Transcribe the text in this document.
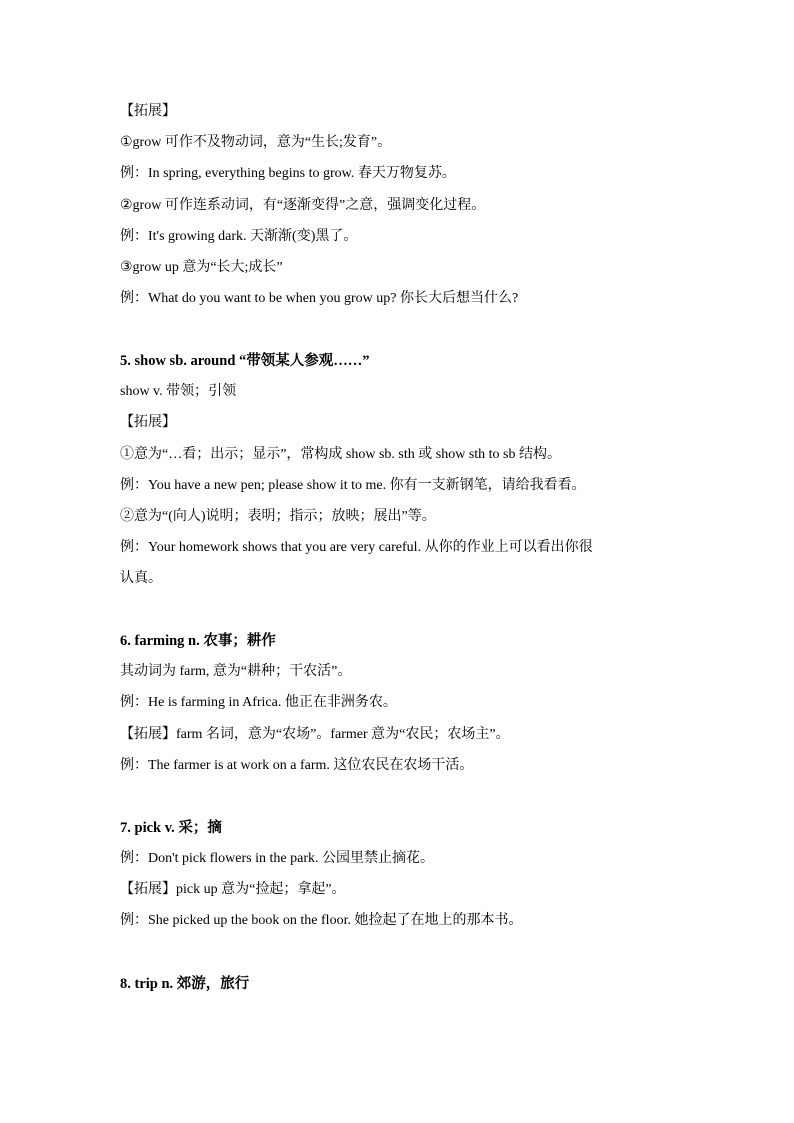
【拓展】
①grow 可作不及物动词，意为“生长;发育”。
例：In spring, everything begins to grow. 春天万物复苏。
②grow 可作连系动词，有“逐渐变得”之意，强调变化过程。
例：It's growing dark. 天渐渐(变)黑了。
③grow up 意为“长大;成长”
例：What do you want to be when you grow up? 你长大后想当什么?
5. show sb. around “带领某人参观……”
show v. 带领；引领
【拓展】
①意为“…看；出示；显示”，常构成 show sb. sth 或 show sth to sb 结构。
例：You have a new pen; please show it to me. 你有一支新钢笔，请给我看看。
②意为“(向人)说明；表明；指示；放映；展出”等。
例：Your homework shows that you are very careful. 从你的作业上可以看出你很
认真。
6. farming n. 农事；耕作
其动词为 farm, 意为“耕种；干农活”。
例：He is farming in Africa. 他正在非洲务农。
【拓展】farm 名词，意为“农场”。farmer 意为“农民；农场主”。
例：The farmer is at work on a farm. 这位农民在农场干活。
7. pick v. 采；摘
例：Don't pick flowers in the park. 公园里禁止摘花。
【拓展】pick up 意为“捡起；拿起”。
例：She picked up the book on the floor. 她捡起了在地上的那本书。
8. trip n. 郊游，旅行
